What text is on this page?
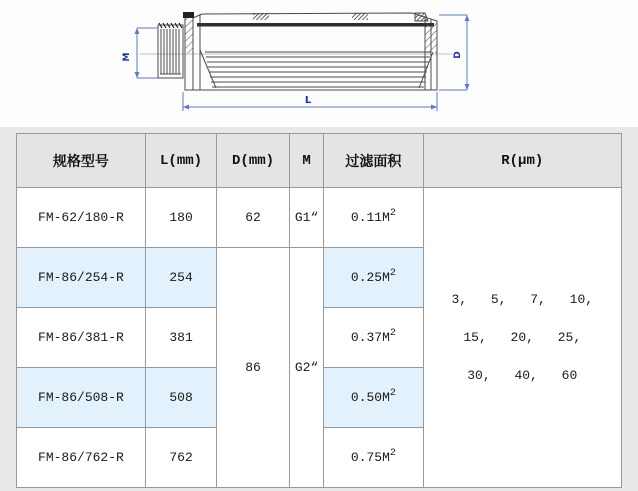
M	D
L
规格型号	L(mm)	D(mm)	M	过滤面积	R(μm)
FM-62/180-R	180	62	G1“	$0.11M^2$	3, 5, 7, 10,
15, 20, 25,
30, 40, 60

FM-86/254-R	254	86	G2“	$0.25M^2$
FM-86/381-R	381			$0.37M^2$
FM-86/508-R	508			$0.50M^2$
FM-86/762-R	762			$0.75M^2$
